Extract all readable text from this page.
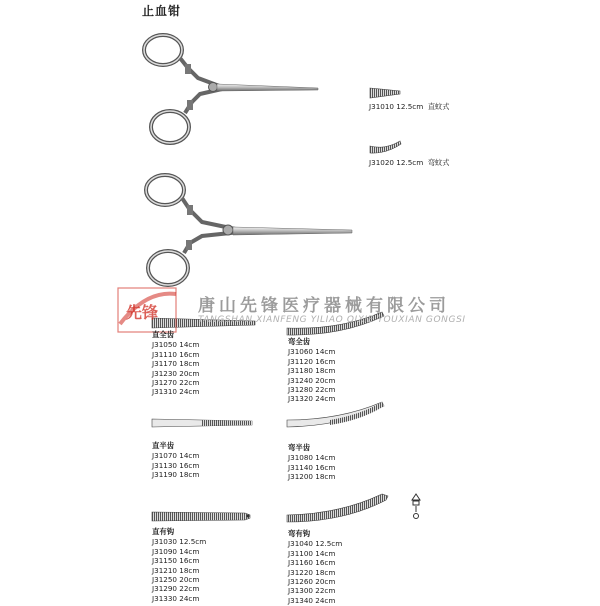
止血钳
J31010 12.5cm 直蚊式
J31020 12.5cm 弯蚊式
先锋 唐山先锋医疗器械有限公司
TANGSHAN XIANFENG YILIAO QIXIE YOUXIAN GONGSI
直全齿
J31050 14cm
J31110 16cm
J31170 18cm
J31230 20cm
J31270 22cm
J31310 24cm
弯全齿
J31060 14cm
J31120 16cm
J31180 18cm
J31240 20cm
J31280 22cm
J31320 24cm
直半齿
J31070 14cm
J31130 16cm
J31190 18cm
弯半齿
J31080 14cm
J31140 16cm
J31200 18cm
直有钩
J31030 12.5cm
J31090 14cm
J31150 16cm
J31210 18cm
J31250 20cm
J31290 22cm
J31330 24cm
弯有钩
J31040 12.5cm
J31100 14cm
J31160 16cm
J31220 18cm
J31260 20cm
J31300 22cm
J31340 24cm
